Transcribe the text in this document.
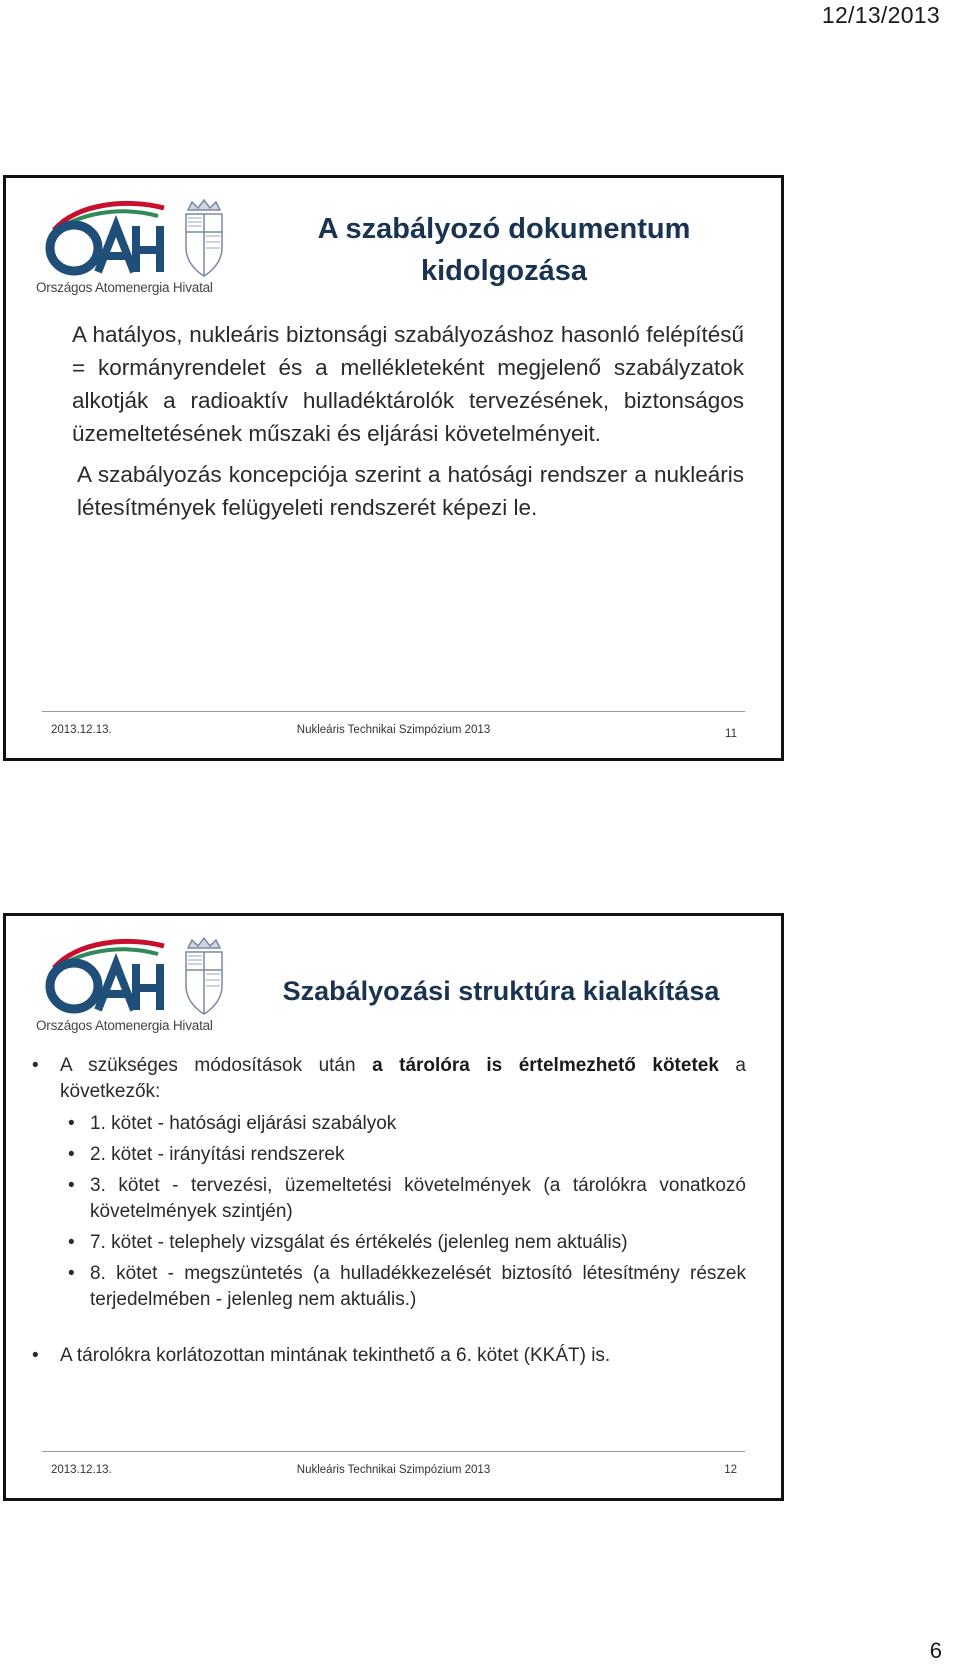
12/13/2013
Országos Atomenergia Hivatal
A szabályozó dokumentum
kidolgozása

A hatályos, nukleáris biztonsági szabályozáshoz hasonló felépítésű = kormányrendelet és a mellékleteként megjelenő szabályzatok alkotják a radioaktív hulladéktárolók tervezésének, biztonságos üzemeltetésének műszaki és eljárási követelményeit.

A szabályozás koncepciója szerint a hatósági rendszer a nukleáris létesítmények felügyeleti rendszerét képezi le.

2013.12.13.	Nukleáris Technikai Szimpózium 2013	11
Országos Atomenergia Hivatal
Szabályozási struktúra kialakítása
• A szükséges módosítások után a tárolóra is értelmezhető kötetek a következők:
• 1. kötet - hatósági eljárási szabályok
• 2. kötet - irányítási rendszerek
• 3. kötet - tervezési, üzemeltetési követelmények (a tárolókra vonatkozó követelmények szintjén)
• 7. kötet - telephely vizsgálat és értékelés (jelenleg nem aktuális)
• 8. kötet - megszüntetés (a hulladékkezelését biztosító létesítmény részek terjedelmében - jelenleg nem aktuális.)
• A tárolókra korlátozottan mintának tekinthető a 6. kötet (KKÁT) is.
2013.12.13.	Nukleáris Technikai Szimpózium 2013	12
6
